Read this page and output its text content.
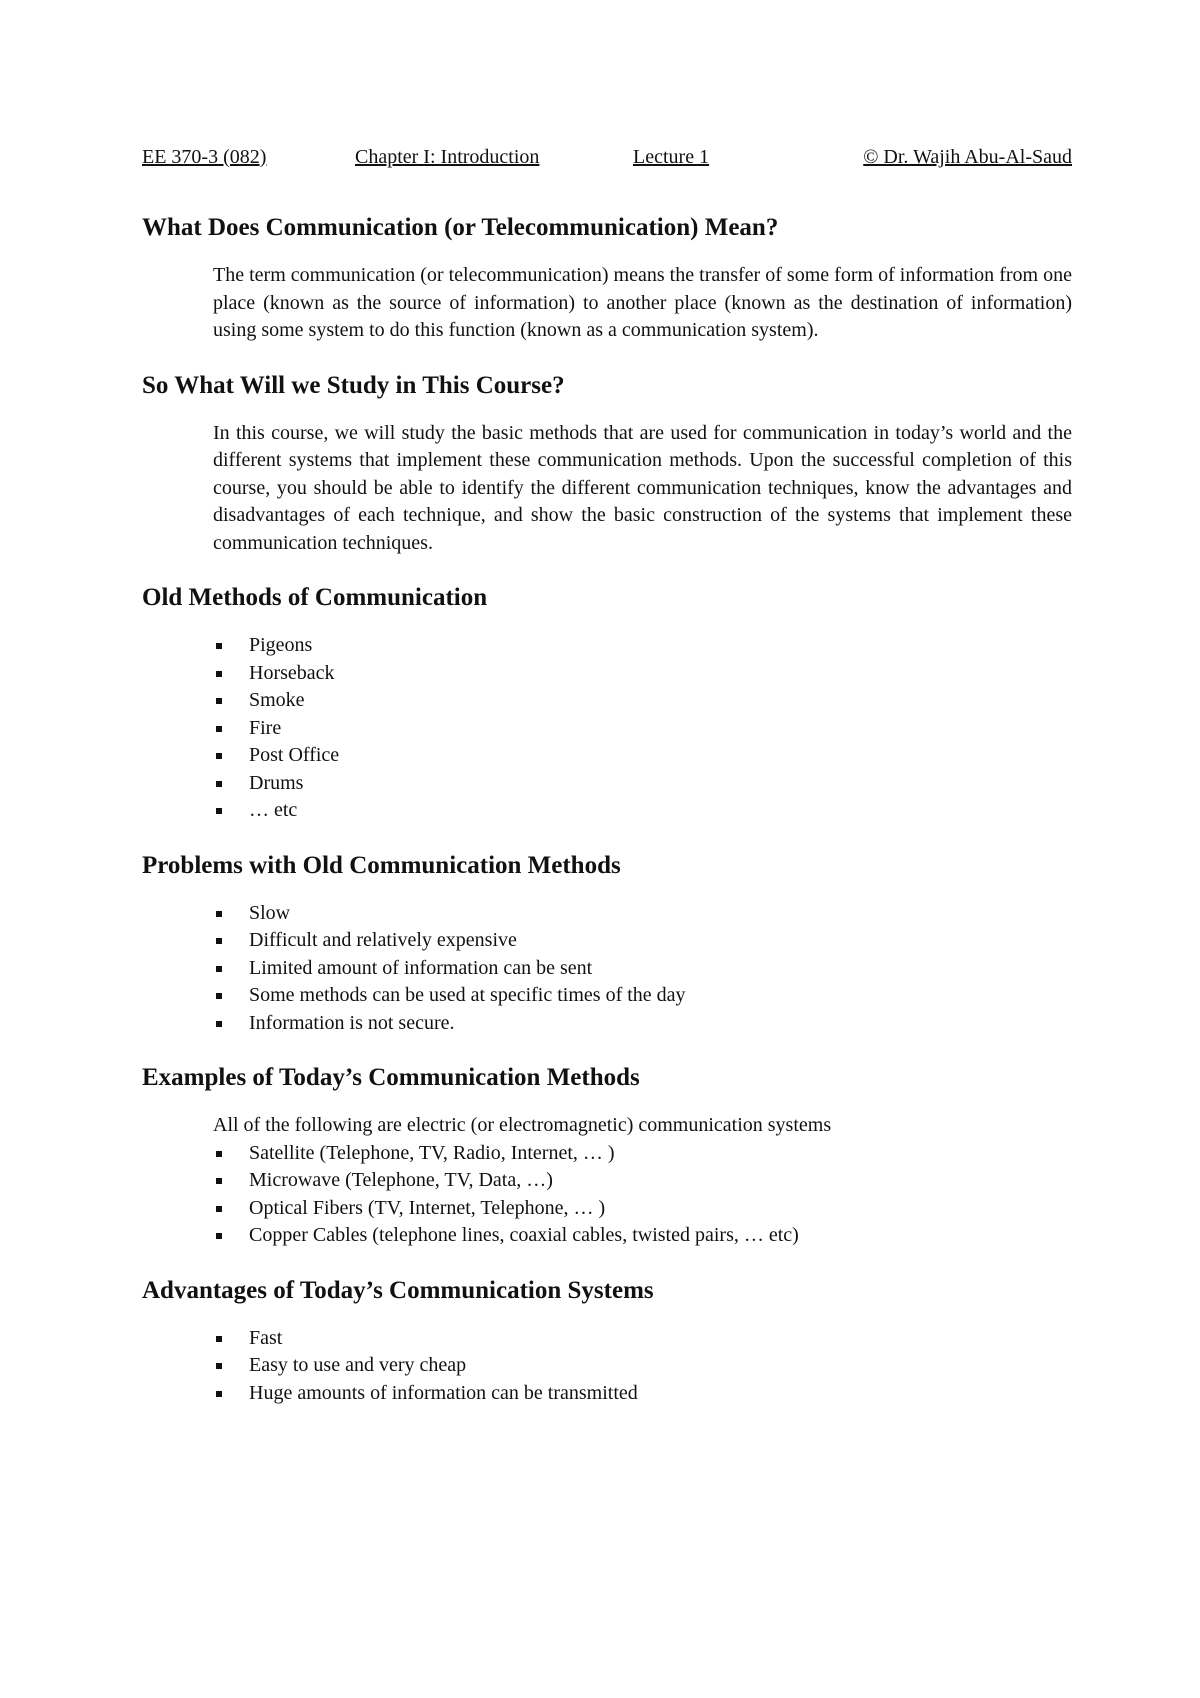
EE 370-3 (082)	Chapter I: Introduction	Lecture 1	© Dr. Wajih Abu-Al-Saud
What Does Communication (or Telecommunication) Mean?

The term communication (or telecommunication) means the transfer of some form of information from one place (known as the source of information) to another place (known as the destination of information) using some system to do this function (known as a communication system).

So What Will we Study in This Course?

In this course, we will study the basic methods that are used for communication in today’s world and the different systems that implement these communication methods. Upon the successful completion of this course, you should be able to identify the different communication techniques, know the advantages and disadvantages of each technique, and show the basic construction of the systems that implement these communication techniques.

Old Methods of Communication
Pigeons
Horseback
Smoke
Fire
Post Office
Drums
… etc
Problems with Old Communication Methods
Slow
Difficult and relatively expensive
Limited amount of information can be sent
Some methods can be used at specific times of the day
Information is not secure.
Examples of Today’s Communication Methods

All of the following are electric (or electromagnetic) communication systems

Satellite (Telephone, TV, Radio, Internet, … )
Microwave (Telephone, TV, Data, …)
Optical Fibers (TV, Internet, Telephone, … )
Copper Cables (telephone lines, coaxial cables, twisted pairs, … etc)
Advantages of Today’s Communication Systems
Fast
Easy to use and very cheap
Huge amounts of information can be transmitted
